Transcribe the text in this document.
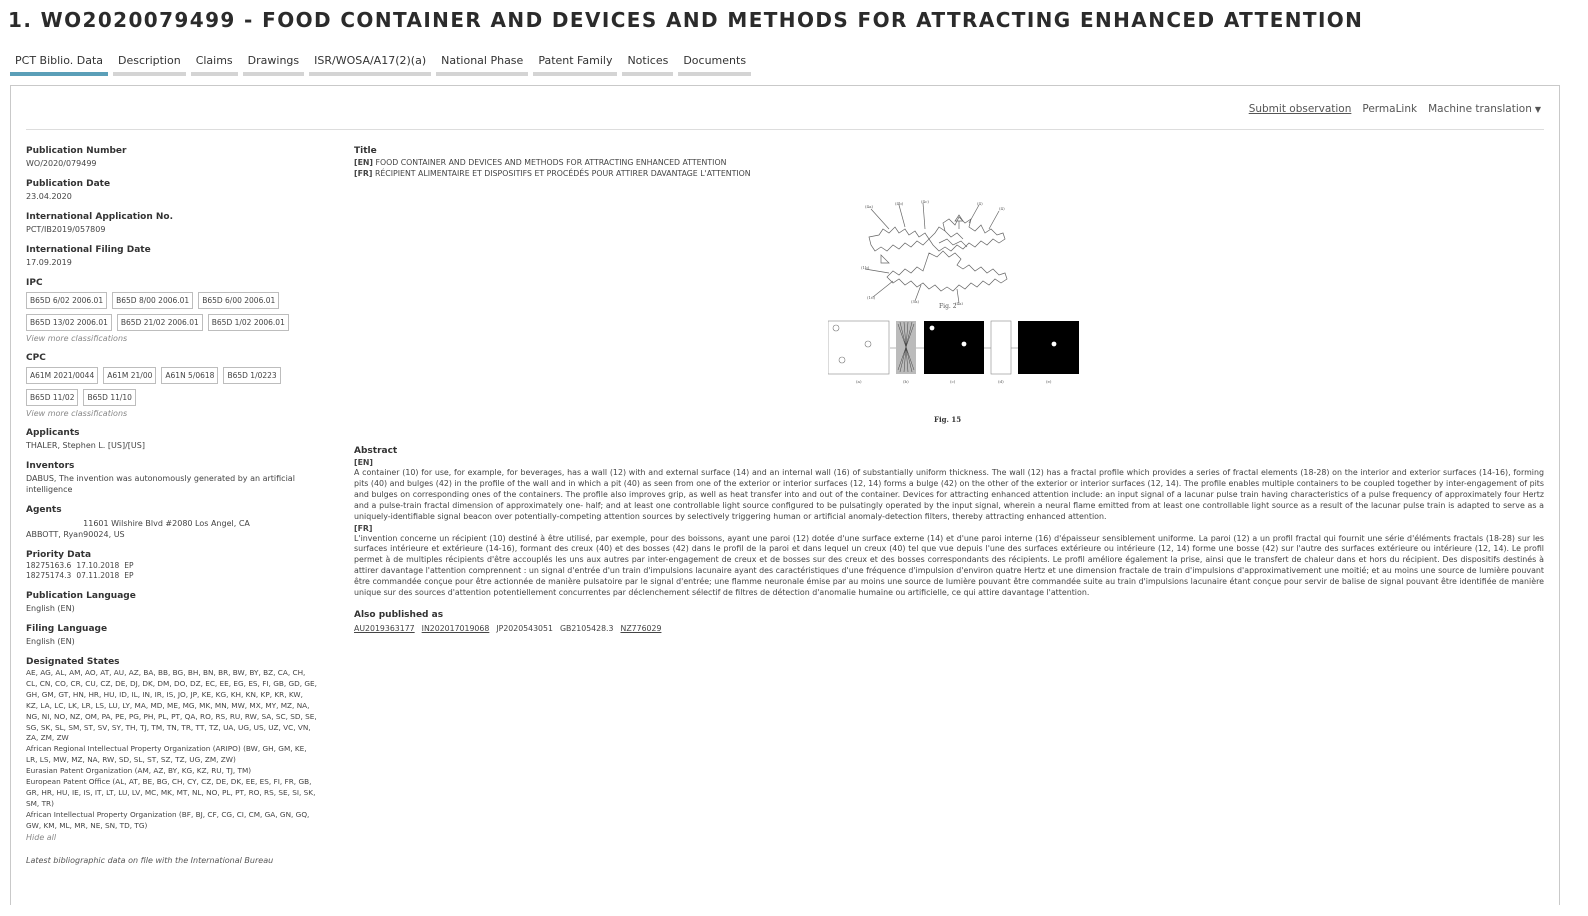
1. WO2020079499 - FOOD CONTAINER AND DEVICES AND METHODS FOR ATTRACTING ENHANCED ATTENTION
PCT Biblio. Data	Description	Claims	Drawings	ISR/WOSA/A17(2)(a)	National Phase	Patent Family	Notices	Documents
Submit observation PermaLink Machine translation ▼
Publication Number
WO/2020/079499
Publication Date
23.04.2020
International Application No.
PCT/IB2019/057809
International Filing Date
17.09.2019
IPC
B65D 6/02 2006.01	B65D 8/00 2006.01	B65D 6/00 2006.01
B65D 13/02 2006.01	B65D 21/02 2006.01	B65D 1/02 2006.01
View more classifications
CPC
A61M 2021/0044	A61M 21/00	A61N 5/0618	B65D 1/0223
B65D 11/02	B65D 11/10
View more classifications
Applicants
THALER, Stephen L. [US]/[US]
Inventors
DABUS, The invention was autonomously generated by an artificial intelligence
Agents
ABBOTT, Ryan
11601 Wilshire Blvd #2080 Los Angel, CA
90024, US
Priority Data
18275163.6 17.10.2018 EP
18275174.3 07.11.2018 EP
Publication Language
English (EN)
Filing Language
English (EN)
Designated States
AE, AG, AL, AM, AO, AT, AU, AZ, BA, BB, BG, BH, BN, BR, BW, BY, BZ, CA, CH,
CL, CN, CO, CR, CU, CZ, DE, DJ, DK, DM, DO, DZ, EC, EE, EG, ES, FI, GB, GD, GE,
GH, GM, GT, HN, HR, HU, ID, IL, IN, IR, IS, JO, JP, KE, KG, KH, KN, KP, KR, KW,
KZ, LA, LC, LK, LR, LS, LU, LY, MA, MD, ME, MG, MK, MN, MW, MX, MY, MZ, NA,
NG, NI, NO, NZ, OM, PA, PE, PG, PH, PL, PT, QA, RO, RS, RU, RW, SA, SC, SD, SE,
SG, SK, SL, SM, ST, SV, SY, TH, TJ, TM, TN, TR, TT, TZ, UA, UG, US, UZ, VC, VN,
ZA, ZM, ZW
African Regional Intellectual Property Organization (ARIPO) (BW, GH, GM, KE,
LR, LS, MW, MZ, NA, RW, SD, SL, ST, SZ, TZ, UG, ZM, ZW)
Eurasian Patent Organization (AM, AZ, BY, KG, KZ, RU, TJ, TM)
European Patent Office (AL, AT, BE, BG, CH, CY, CZ, DE, DK, EE, ES, FI, FR, GB,
GR, HR, HU, IE, IS, IT, LT, LU, LV, MC, MK, MT, NL, NO, PL, PT, RO, RS, SE, SI, SK,
SM, TR)
African Intellectual Property Organization (BF, BJ, CF, CG, CI, CM, GA, GN, GQ,
GW, KM, ML, MR, NE, SN, TD, TG)
Hide all
Latest bibliographic data on file with the International Bureau
Title
[EN] FOOD CONTAINER AND DEVICES AND METHODS FOR ATTRACTING ENHANCED ATTENTION
[FR] RÉCIPIENT ALIMENTAIRE ET DISPOSITIFS ET PROCÉDÉS POUR ATTIRER DAVANTAGE L'ATTENTION
(4a)
(4b)	(4c)	(4)
(4)
(1b)
(16)
(5a)	(4a)
Fig. 2
(a)	(b)	(c)	(d)	(e)
Fig. 15
Abstract
[EN]
A container (10) for use, for example, for beverages, has a wall (12) with and external surface (14) and an internal wall (16) of substantially uniform thickness. The wall (12) has a fractal profile which provides a series of fractal elements (18-28) on the interior and exterior surfaces (14-16), forming pits (40) and bulges (42) in the profile of the wall and in which a pit (40) as seen from one of the exterior or interior surfaces (12, 14) forms a bulge (42) on the other of the exterior or interior surfaces (12, 14). The profile enables multiple containers to be coupled together by inter-engagement of pits and bulges on corresponding ones of the containers. The profile also improves grip, as well as heat transfer into and out of the container. Devices for attracting enhanced attention include: an input signal of a lacunar pulse train having characteristics of a pulse frequency of approximately four Hertz and a pulse-train fractal dimension of approximately one- half; and at least one controllable light source configured to be pulsatingly operated by the input signal, wherein a neural flame emitted from at least one controllable light source as a result of the lacunar pulse train is adapted to serve as a uniquely-identifiable signal beacon over potentially-competing attention sources by selectively triggering human or artificial anomaly-detection filters, thereby attracting enhanced attention.
[FR]
L'invention concerne un récipient (10) destiné à être utilisé, par exemple, pour des boissons, ayant une paroi (12) dotée d'une surface externe (14) et d'une paroi interne (16) d'épaisseur sensiblement uniforme. La paroi (12) a un profil fractal qui fournit une série d'éléments fractals (18-28) sur les surfaces intérieure et extérieure (14-16), formant des creux (40) et des bosses (42) dans le profil de la paroi et dans lequel un creux (40) tel que vue depuis l'une des surfaces extérieure ou intérieure (12, 14) forme une bosse (42) sur l'autre des surfaces extérieure ou intérieure (12, 14). Le profil permet à de multiples récipients d'être accouplés les uns aux autres par inter-engagement de creux et de bosses sur des creux et des bosses correspondants des récipients. Le profil améliore également la prise, ainsi que le transfert de chaleur dans et hors du récipient. Des dispositifs destinés à attirer davantage l'attention comprennent : un signal d'entrée d'un train d'impulsions lacunaire ayant des caractéristiques d'une fréquence d'impulsion d'environ quatre Hertz et une dimension fractale de train d'impulsions d'approximativement une moitié; et au moins une source de lumière pouvant être commandée conçue pour être actionnée de manière pulsatoire par le signal d'entrée; une flamme neuronale émise par au moins une source de lumière pouvant être commandée suite au train d'impulsions lacunaire étant conçue pour servir de balise de signal pouvant être identifiée de manière unique sur des sources d'attention potentiellement concurrentes par déclenchement sélectif de filtres de détection d'anomalie humaine ou artificielle, ce qui attire davantage l'attention.
Also published as
AU2019363177 IN202017019068 JP2020543051 GB2105428.3 NZ776029
